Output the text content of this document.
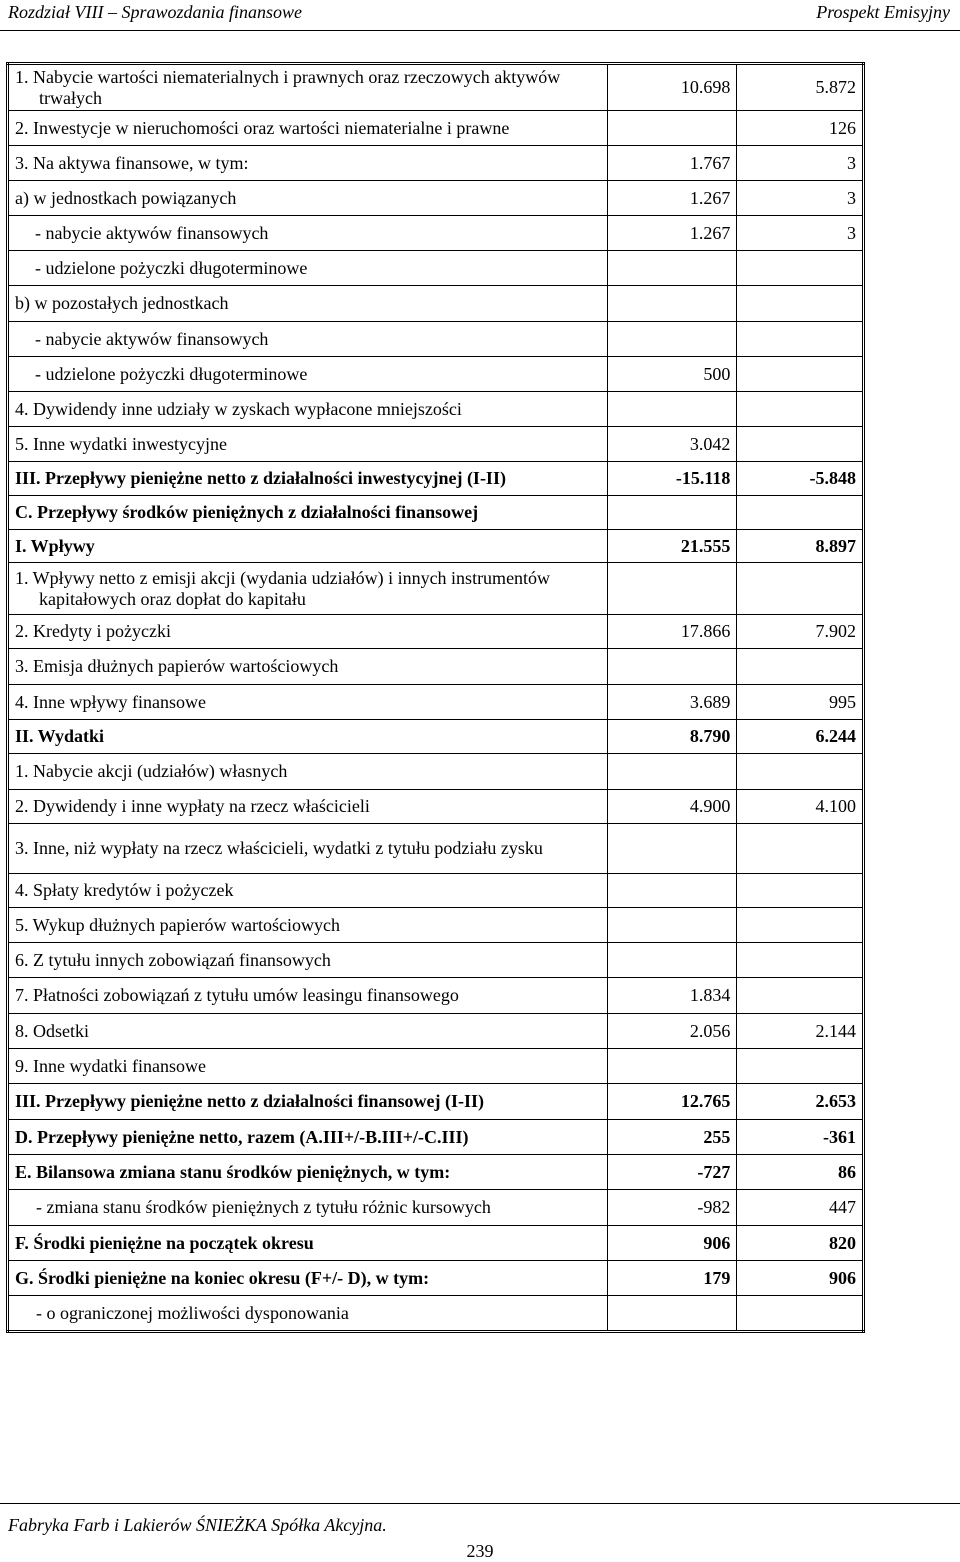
Rozdział VIII – Sprawozdania finansowe	Prospekt Emisyjny
1. Nabycie wartości niematerialnych i prawnych oraz rzeczowych aktywów trwałych	10.698	5.872
2. Inwestycje w nieruchomości oraz wartości niematerialne i prawne		126
3. Na aktywa finansowe, w tym:	1.767	3
a) w jednostkach powiązanych	1.267	3
- nabycie aktywów finansowych	1.267	3
- udzielone pożyczki długoterminowe		
b) w pozostałych jednostkach		
- nabycie aktywów finansowych		
- udzielone pożyczki długoterminowe	500	
4. Dywidendy inne udziały w zyskach wypłacone mniejszości		
5. Inne wydatki inwestycyjne	3.042	
III. Przepływy pieniężne netto z działalności inwestycyjnej (I-II)	-15.118	-5.848
C. Przepływy środków pieniężnych z działalności finansowej		
I. Wpływy	21.555	8.897

1. Wpływy netto z emisji akcji (wydania udziałów) i innych instrumentów kapitałowych oraz dopłat do kapitału		

2. Kredyty i pożyczki	17.866	7.902
3. Emisja dłużnych papierów wartościowych		
4. Inne wpływy finansowe	3.689	995
II. Wydatki	8.790	6.244
1. Nabycie akcji (udziałów) własnych		
2. Dywidendy i inne wypłaty na rzecz właścicieli	4.900	4.100
3. Inne, niż wypłaty na rzecz właścicieli, wydatki z tytułu podziału zysku		
4. Spłaty kredytów i pożyczek		
5. Wykup dłużnych papierów wartościowych		
6. Z tytułu innych zobowiązań finansowych		
7. Płatności zobowiązań z tytułu umów leasingu finansowego	1.834	
8. Odsetki	2.056	2.144
9. Inne wydatki finansowe		
III. Przepływy pieniężne netto z działalności finansowej (I-II)	12.765	2.653
D. Przepływy pieniężne netto, razem (A.III+/-B.III+/-C.III)	255	-361
E. Bilansowa zmiana stanu środków pieniężnych, w tym:	-727	86
- zmiana stanu środków pieniężnych z tytułu różnic kursowych	-982	447
F. Środki pieniężne na początek okresu	906	820
G. Środki pieniężne na koniec okresu (F+/- D), w tym:	179	906
- o ograniczonej możliwości dysponowania		
Fabryka Farb i Lakierów ŚNIEŻKA Spółka Akcyjna.
239
